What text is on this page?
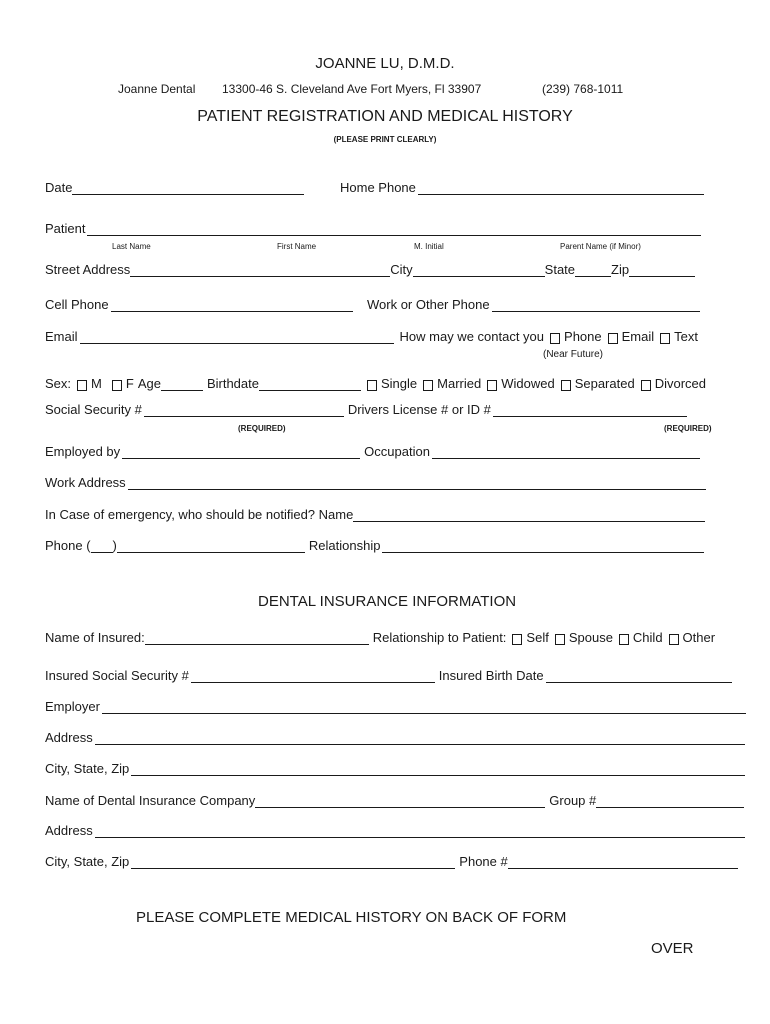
JOANNE LU, D.M.D.
Joanne Dental 13300-46 S. Cleveland Ave Fort Myers, Fl 33907	(239) 768-1011
PATIENT REGISTRATION AND MEDICAL HISTORY
(PLEASE PRINT CLEARLY)
Date	Home Phone
Patient
Last Name	First Name	M. Initial	Parent Name (if Minor)
Street Address	City	State	Zip
Cell Phone	Work or Other Phone
Email	How may we contact you Phone Email Text
(Near Future)
Sex: M F Age	Birthdate	Single Married Widowed Separated Divorced
Social Security #	Drivers License # or ID #
(REQUIRED)	(REQUIRED)
Employed by	Occupation
Work Address
In Case of emergency, who should be notified? Name
Phone ( )	Relationship
DENTAL INSURANCE INFORMATION
Name of Insured:	Relationship to Patient: Self Spouse Child Other
Insured Social Security #	Insured Birth Date
Employer
Address
City, State, Zip
Name of Dental Insurance Company	Group #
Address
City, State, Zip	Phone #
PLEASE COMPLETE MEDICAL HISTORY ON BACK OF FORM
OVER
